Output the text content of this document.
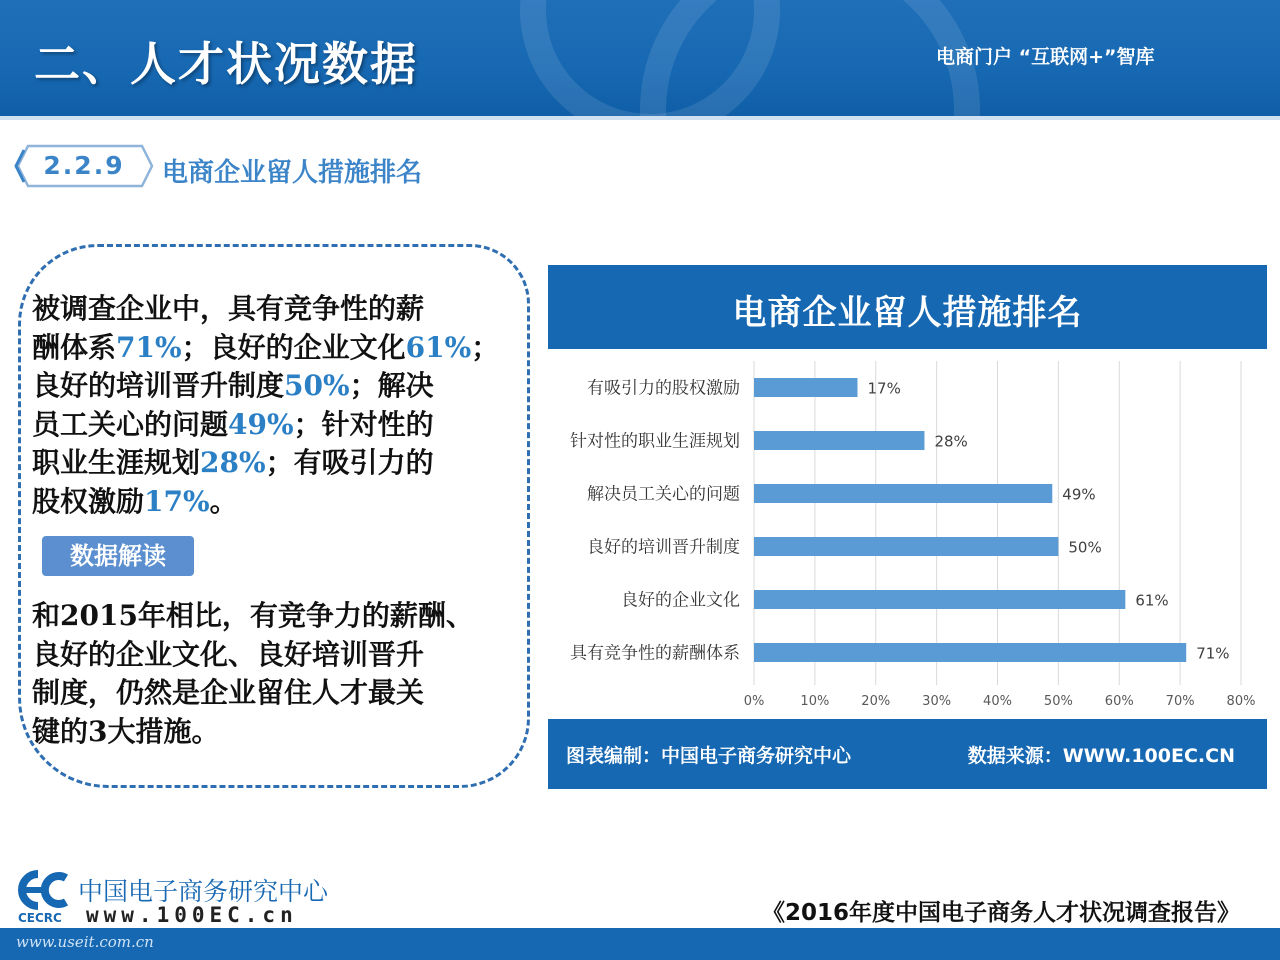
二、人才状况数据	电商门户 “互联网+”智库
2.2.9	电商企业留人措施排名
被调查企业中，具有竞争性的薪
酬体系71%；良好的企业文化61%；
良好的培训晋升制度50%；解决
员工关心的问题49%；针对性的
职业生涯规划28%；有吸引力的
股权激励17%。
数据解读
和2015年相比，有竞争力的薪酬、
良好的企业文化、良好培训晋升
制度，仍然是企业留住人才最关
键的3大措施。
电商企业留人措施排名
0%	10% 20% 30% 40% 50% 60% 70% 80%
有吸引力的股权激励	17%
针对性的职业生涯规划	28%
解决员工关心的问题	49%
良好的培训晋升制度	50%
良好的企业文化	61%
具有竞争性的薪酬体系	71%
图表编制：中国电子商务研究中心	数据来源：WWW.100EC.CN
CECRC
中国电子商务研究中心
www.100EC.cn	《2016年度中国电子商务人才状况调查报告》
www.useit.com.cn
